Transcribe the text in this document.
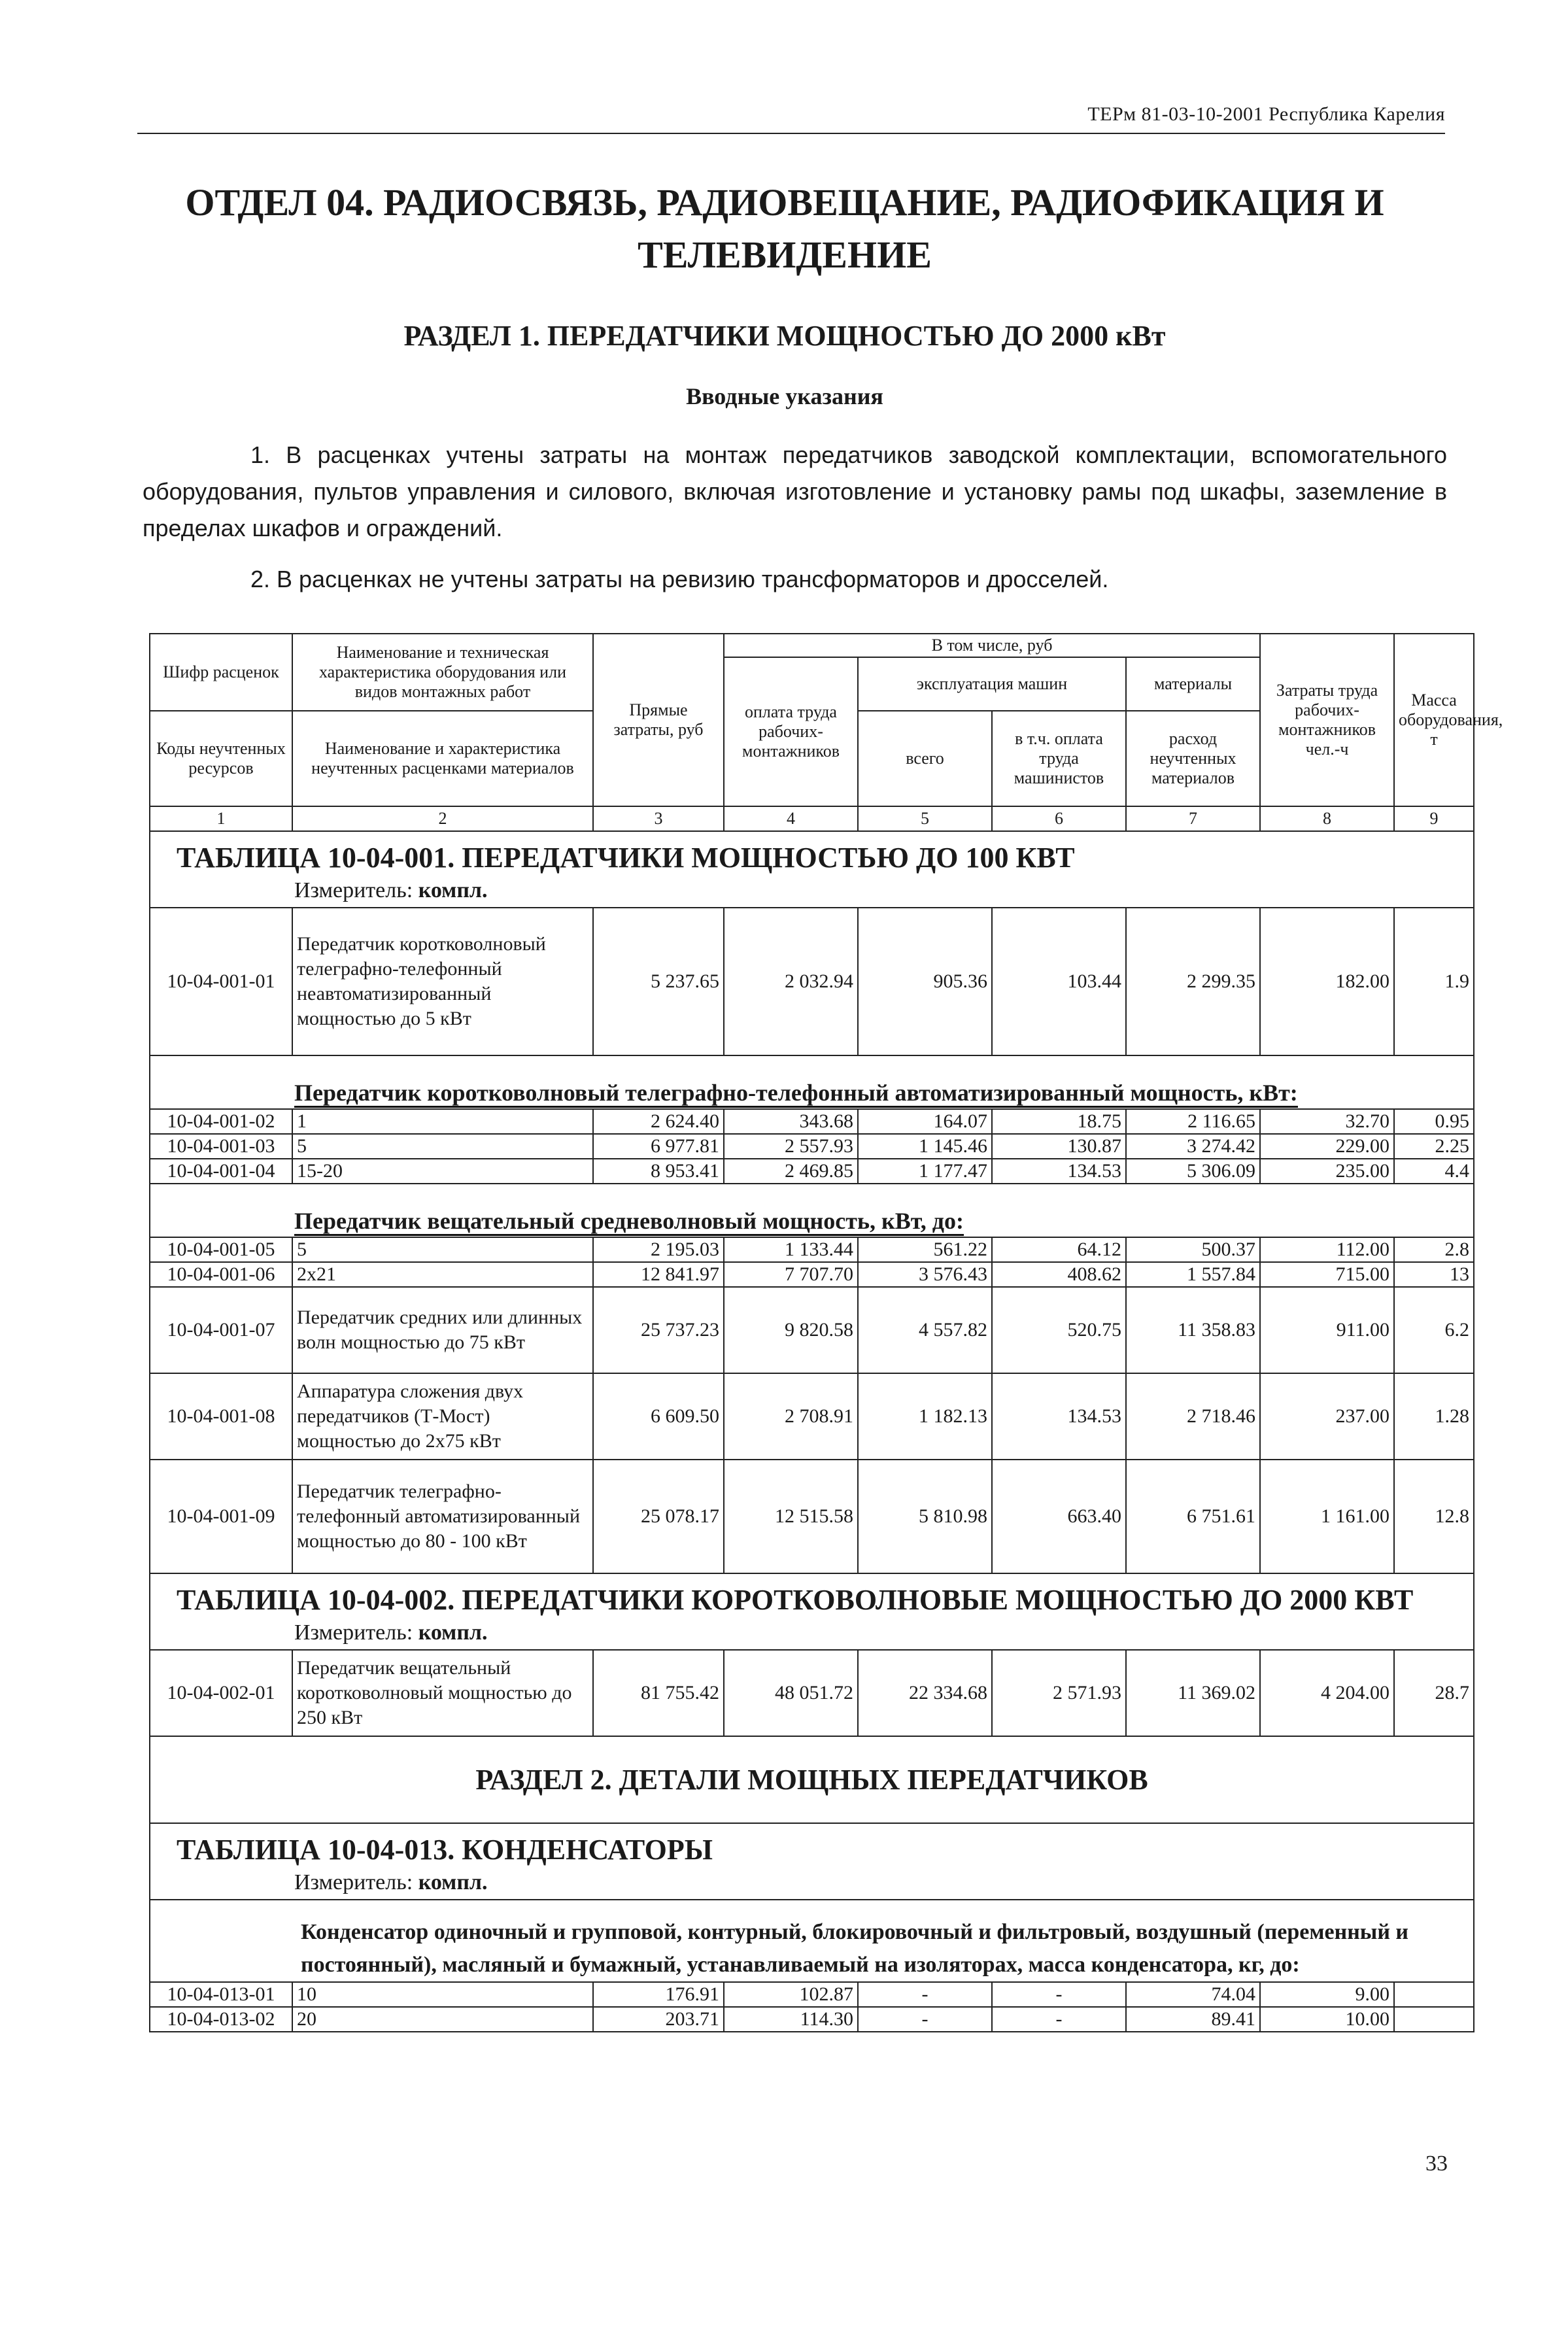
ТЕРм 81-03-10-2001 Республика Карелия
ОТДЕЛ 04. РАДИОСВЯЗЬ, РАДИОВЕЩАНИЕ, РАДИОФИКАЦИЯ И
ТЕЛЕВИДЕНИЕ
РАЗДЕЛ 1. ПЕРЕДАТЧИКИ МОЩНОСТЬЮ ДО 2000 кВт
Вводные указания
1. В расценках учтены затраты на монтаж передатчиков заводской комплектации, вспомогательного оборудования, пультов управления и силового, включая изготовление и установку рамы под шкафы, заземление в пределах шкафов и ограждений.
2. В расценках не учтены затраты на ревизию трансформаторов и дросселей.
Шифр расценок	Наименование и техническая характеристика оборудования или видов монтажных работ	Прямые затраты, руб	В том числе, руб				Затраты труда рабочих-монтажников чел.-ч	Масса оборудования, т
			оплата труда рабочих-монтажников	эксплуатация машин		материалы		
Коды неучтенных ресурсов	Наименование и характеристика неучтенных расценками материалов			всего	в т.ч. оплата труда машинистов	расход неучтенных материалов		

1	2	3	4	5	6	7	8	9
ТАБЛИЦА 10-04-001. ПЕРЕДАТЧИКИ МОЩНОСТЬЮ ДО 100 КВТ								
Измеритель: компл.								
10-04-001-01	Передатчик коротковолновый телеграфно-телефонный неавтоматизированный мощностью до 5 кВт	5 237.65	2 032.94	905.36	103.44	2 299.35	182.00	1.9
Передатчик коротковолновый телеграфно-телефонный автоматизированный мощность, кВт:								
10-04-001-02	1	2 624.40	343.68	164.07	18.75	2 116.65	32.70	0.95
10-04-001-03	5	6 977.81	2 557.93	1 145.46	130.87	3 274.42	229.00	2.25
10-04-001-04	15-20	8 953.41	2 469.85	1 177.47	134.53	5 306.09	235.00	4.4
Передатчик вещательный средневолновый мощность, кВт, до:								
10-04-001-05	5	2 195.03	1 133.44	561.22	64.12	500.37	112.00	2.8
10-04-001-06	2x21	12 841.97	7 707.70	3 576.43	408.62	1 557.84	715.00	13
10-04-001-07	Передатчик средних или длинных волн мощностью до 75 кВт	25 737.23	9 820.58	4 557.82	520.75	11 358.83	911.00	6.2
10-04-001-08	Аппаратура сложения двух передатчиков (Т-Мост) мощностью до 2x75 кВт	6 609.50	2 708.91	1 182.13	134.53	2 718.46	237.00	1.28
10-04-001-09	Передатчик телеграфно-телефонный автоматизированный мощностью до 80 - 100 кВт	25 078.17	12 515.58	5 810.98	663.40	6 751.61	1 161.00	12.8
ТАБЛИЦА 10-04-002. ПЕРЕДАТЧИКИ КОРОТКОВОЛНОВЫЕ МОЩНОСТЬЮ ДО 2000 КВТ								
Измеритель: компл.								
10-04-002-01	Передатчик вещательный коротковолновый мощностью до 250 кВт	81 755.42	48 051.72	22 334.68	2 571.93	11 369.02	4 204.00	28.7
РАЗДЕЛ 2. ДЕТАЛИ МОЩНЫХ ПЕРЕДАТЧИКОВ								
ТАБЛИЦА 10-04-013. КОНДЕНСАТОРЫ								
Измеритель: компл.								
Конденсатор одиночный и групповой, контурный, блокировочный и фильтровый, воздушный (переменный и постоянный), масляный и бумажный, устанавливаемый на изоляторах, масса конденсатора, кг, до:								
10-04-013-01	10	176.91	102.87	-	-	74.04	9.00	
10-04-013-02	20	203.71	114.30	-	-	89.41	10.00	
33
